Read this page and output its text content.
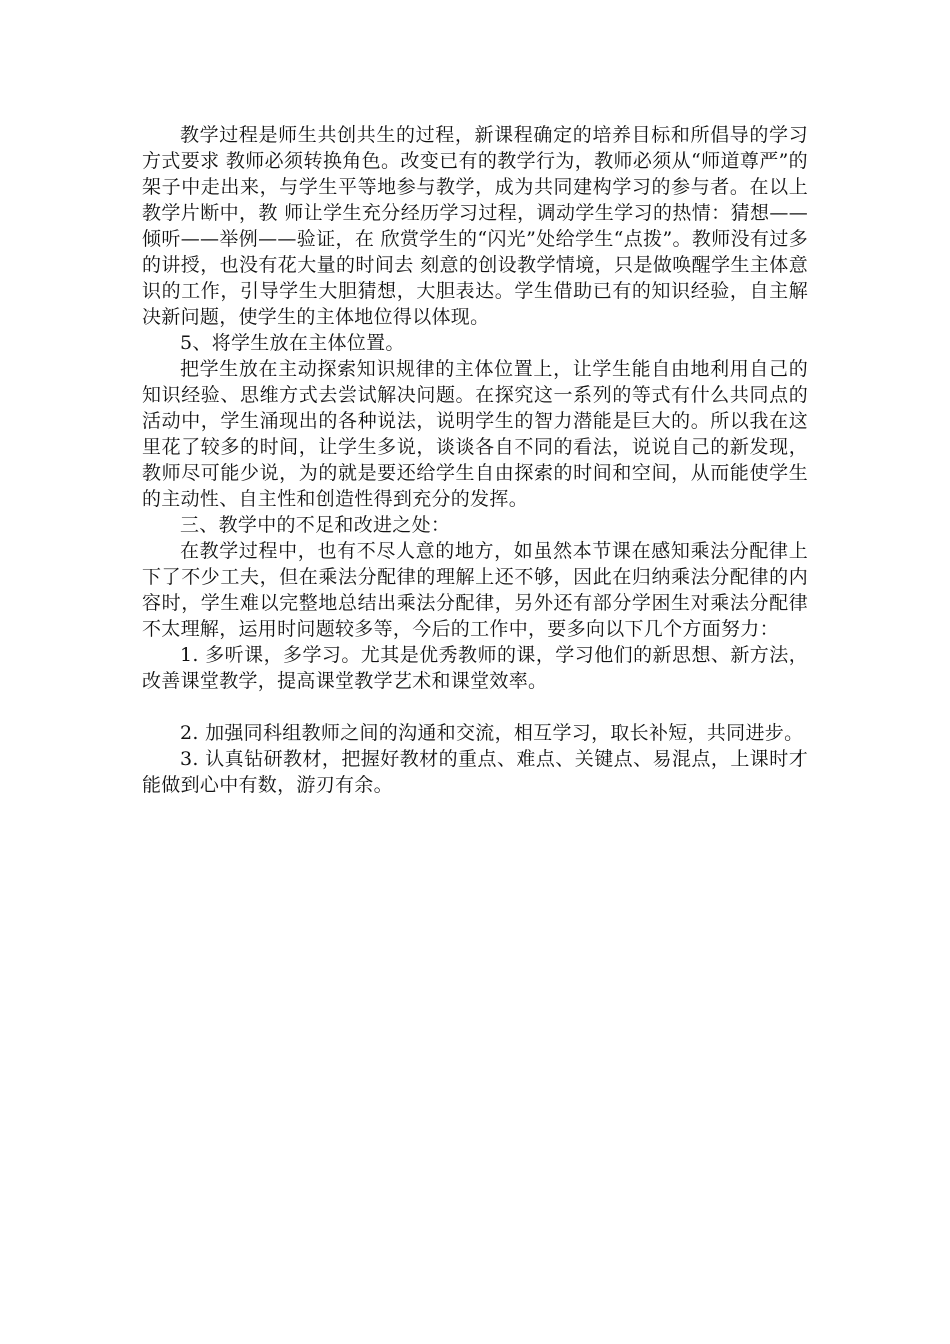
教学过程是师生共创共生的过程，新课程确定的培养目标和所倡导的学习方式要求 教师必须转换角色。改变已有的教学行为，教师必须从“师道尊严”的架子中走出来，与学生平等地参与教学，成为共同建构学习的参与者。在以上教学片断中，教 师让学生充分经历学习过程，调动学生学习的热情：猜想——倾听——举例——验证，在 欣赏学生的“闪光”处给学生“点拨”。教师没有过多的讲授，也没有花大量的时间去 刻意的创设教学情境，只是做唤醒学生主体意识的工作，引导学生大胆猜想，大胆表达。学生借助已有的知识经验，自主解决新问题，使学生的主体地位得以体现。

5、将学生放在主体位置。

把学生放在主动探索知识规律的主体位置上，让学生能自由地利用自己的知识经验、思维方式去尝试解决问题。在探究这一系列的等式有什么共同点的活动中，学生涌现出的各种说法，说明学生的智力潜能是巨大的。所以我在这里花了较多的时间，让学生多说，谈谈各自不同的看法，说说自己的新发现，教师尽可能少说，为的就是要还给学生自由探索的时间和空间，从而能使学生的主动性、自主性和创造性得到充分的发挥。

三、教学中的不足和改进之处：

在教学过程中，也有不尽人意的地方，如虽然本节课在感知乘法分配律上下了不少工夫，但在乘法分配律的理解上还不够，因此在归纳乘法分配律的内容时，学生难以完整地总结出乘法分配律，另外还有部分学困生对乘法分配律不太理解，运用时问题较多等，今后的工作中，要多向以下几个方面努力：

1. 多听课，多学习。尤其是优秀教师的课，学习他们的新思想、新方法，改善课堂教学，提高课堂教学艺术和课堂效率。

2. 加强同科组教师之间的沟通和交流，相互学习，取长补短，共同进步。

3. 认真钻研教材，把握好教材的重点、难点、关键点、易混点，上课时才能做到心中有数，游刃有余。
